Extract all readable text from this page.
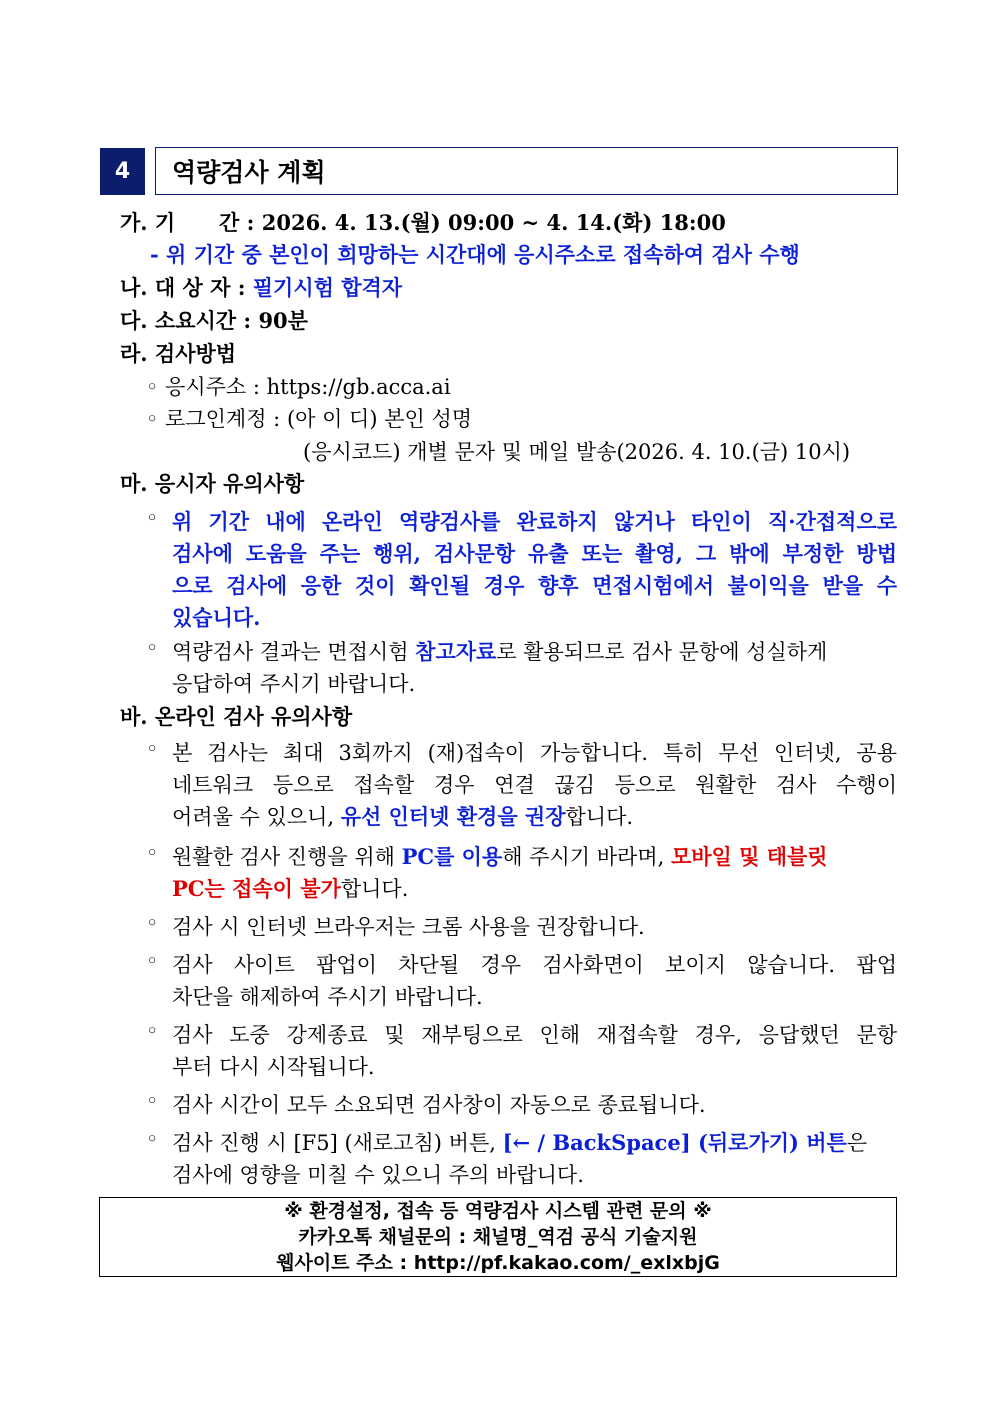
4	역량검사 계획
가. 기      간 : 2026. 4. 13.(월) 09:00 ~ 4. 14.(화) 18:00
- 위 기간 중 본인이 희망하는 시간대에 응시주소로 접속하여 검사 수행
나. 대 상 자 : 필기시험 합격자
다. 소요시간 : 90분
라. 검사방법
◦ 응시주소 : https://gb.acca.ai
◦ 로그인계정 : (아 이 디) 본인 성명
(응시코드) 개별 문자 및 메일 발송(2026. 4. 10.(금) 10시)
마. 응시자 유의사항
◦ 위 기간 내에 온라인 역량검사를 완료하지 않거나 타인이 직·간접적으로
검사에 도움을 주는 행위, 검사문항 유출 또는 촬영, 그 밖에 부정한 방법
으로 검사에 응한 것이 확인될 경우 향후 면접시험에서 불이익을 받을 수
있습니다.
◦ 역량검사 결과는 면접시험 참고자료로 활용되므로 검사 문항에 성실하게
응답하여 주시기 바랍니다.
바. 온라인 검사 유의사항
◦ 본 검사는 최대 3회까지 (재)접속이 가능합니다. 특히 무선 인터넷, 공용
네트워크 등으로 접속할 경우 연결 끊김 등으로 원활한 검사 수행이
어려울 수 있으니, 유선 인터넷 환경을 권장합니다.
◦ 원활한 검사 진행을 위해 PC를 이용해 주시기 바라며, 모바일 및 태블릿
PC는 접속이 불가합니다.
◦ 검사 시 인터넷 브라우저는 크롬 사용을 권장합니다.
◦ 검사 사이트 팝업이 차단될 경우 검사화면이 보이지 않습니다. 팝업
차단을 해제하여 주시기 바랍니다.
◦ 검사 도중 강제종료 및 재부팅으로 인해 재접속할 경우, 응답했던 문항
부터 다시 시작됩니다.
◦ 검사 시간이 모두 소요되면 검사창이 자동으로 종료됩니다.
◦ 검사 진행 시 [F5] (새로고침) 버튼, [← / BackSpace] (뒤로가기) 버튼은
검사에 영향을 미칠 수 있으니 주의 바랍니다.
※ 환경설정, 접속 등 역량검사 시스템 관련 문의 ※
카카오톡 채널문의 : 채널명_역검 공식 기술지원
웹사이트 주소 : http://pf.kakao.com/_exlxbjG
